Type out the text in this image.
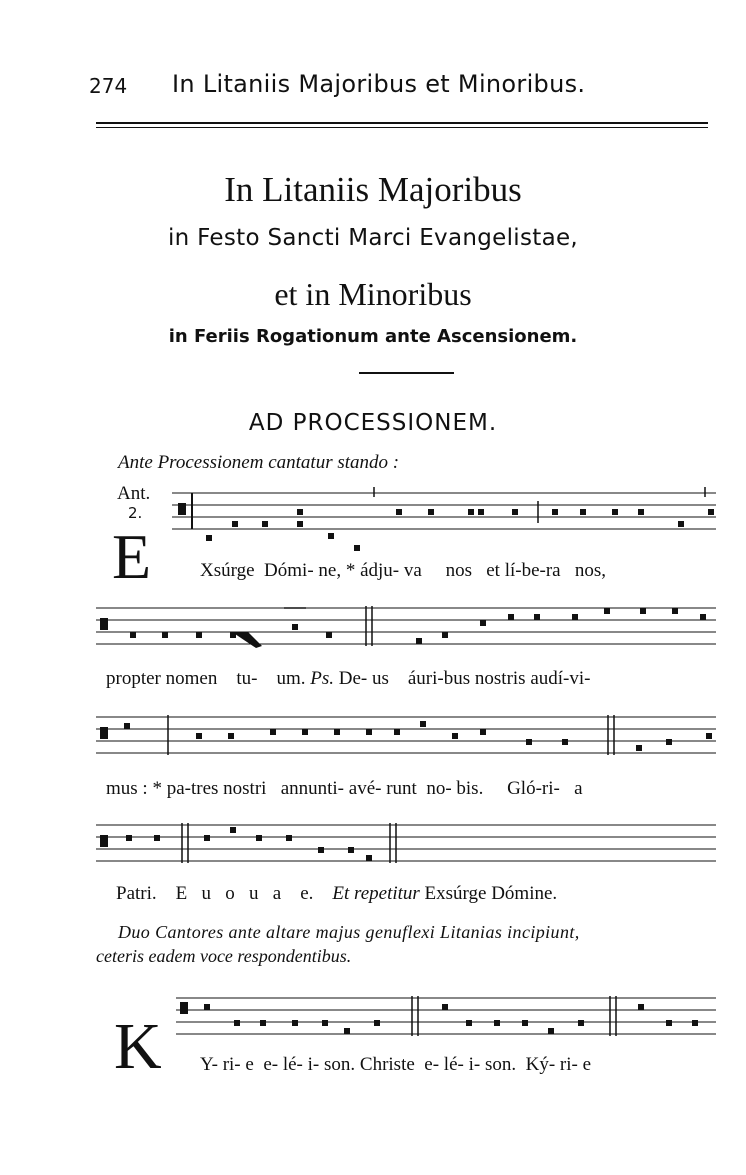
274 In Litaniis Majoribus et Minoribus.
In Litaniis Majoribus
in Festo Sancti Marci Evangelistae,
et in Minoribus
in Feriis Rogationum ante Ascensionem.
AD PROCESSIONEM.
Ante Processionem cantatur stando :
Ant.
2.
E	Xsúrge Dómi- ne, * ádju- va nos et lí-be-ra nos,
propter nomen tu- um. Ps. De- us áuri-bus nostris audí-vi-
mus : * pa-tres nostri annunti- avé- runt no- bis. Gló-ri- a
Patri. E u o u a e. Et repetitur Exsúrge Dómine.
Duo Cantores ante altare majus genuflexi Litanias incipiunt,
ceteris eadem voce respondentibus.
K Y- ri- e e- lé- i- son. Christe e- lé- i- son. Ký- ri- e
